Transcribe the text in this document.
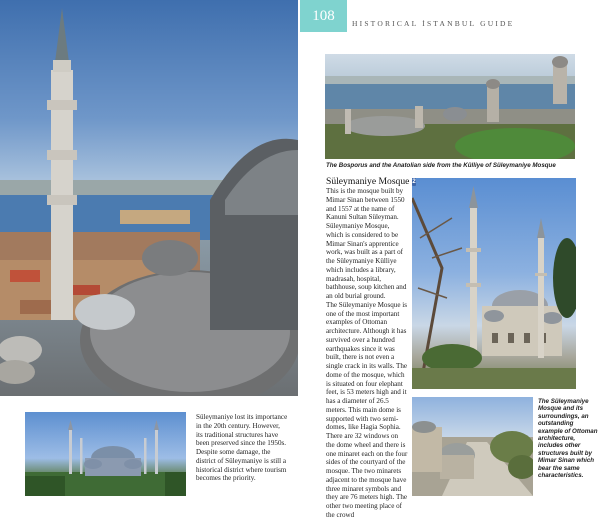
108 HISTORICAL İSTANBUL GUIDE
The Bosporus and the Anatolian side from the Külliye of Süleymaniye Mosque
The Süleymaniye Mosque and its surroundings, an outstanding example of Ottoman architecture, includes other structures built by Mimar Sinan which bear the same characteristics.
Süleymaniye Mosque 2

This is the mosque built by Mimar Sinan between 1550 and 1557 at the name of Kanuni Sultan Süleyman. Süleymaniye Mosque, which is considered to be Mimar Sinan's apprentice work, was built as a part of the Süleymaniye Külliye which includes a library, madrasah, hospital, bathhouse, soup kitchen and an old burial ground.

The Süleymaniye Mosque is one of the most important examples of Ottoman architecture. Although it has survived over a hundred earthquakes since it was built, there is not even a single crack in its walls. The dome of the mosque, which is situated on four elephant feet, is 53 meters high and it has a diameter of 26.5 meters. This main dome is supported with two semi-domes, like Hagia Sophia. There are 32 windows on the dome wheel and there is one minaret each on the four sides of the courtyard of the mosque. The two minarets adjacent to the mosque have three minaret symbols and they are 76 meters high. The other two meeting place of the crowd

Süleymaniye lost its importance in the 20th century. However, its traditional structures have been preserved since the 1950s. Despite some damage, the district of Süleymaniye is still a historical district where tourism becomes the priority.
